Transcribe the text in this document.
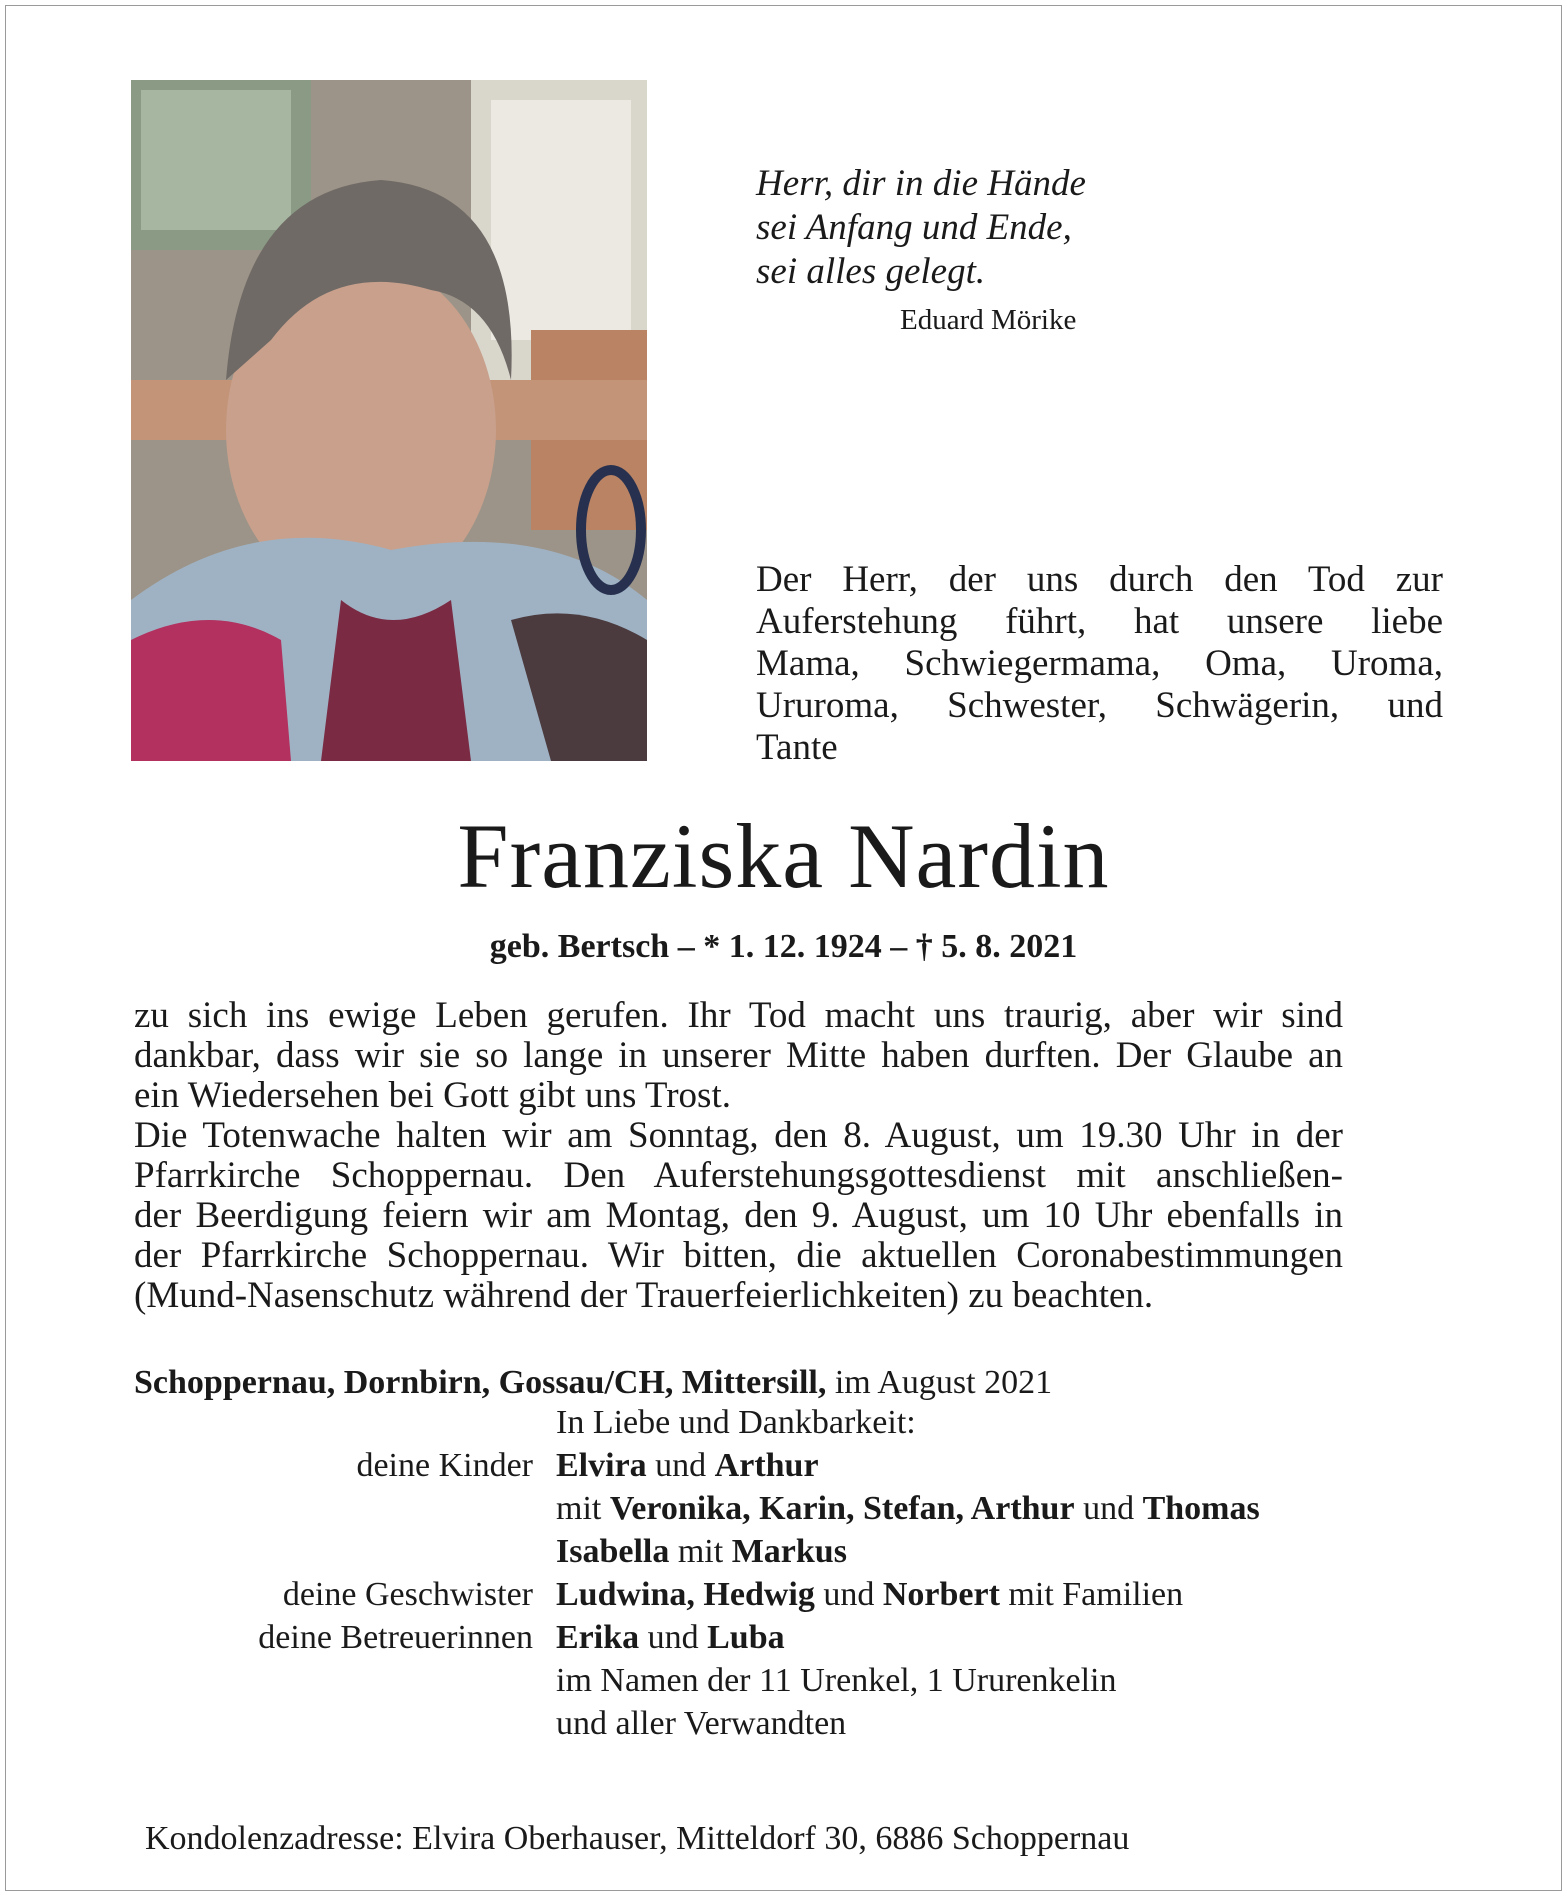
Herr, dir in die Hände
sei Anfang und Ende,
sei alles gelegt.
Eduard Mörike
Der Herr, der uns durch den Tod zur
Auferstehung führt, hat unsere liebe
Mama, Schwiegermama, Oma, Uroma,
Ururoma, Schwester, Schwägerin, und
Tante
Franziska Nardin
geb. Bertsch – * 1. 12. 1924 – † 5. 8. 2021
zu sich ins ewige Leben gerufen. Ihr Tod macht uns traurig, aber wir sind
dankbar, dass wir sie so lange in unserer Mitte haben durften. Der Glaube an
ein Wiedersehen bei Gott gibt uns Trost.
Die Totenwache halten wir am Sonntag, den 8. August, um 19.30 Uhr in der
Pfarrkirche Schoppernau. Den Auferstehungsgottesdienst mit anschließen-
der Beerdigung feiern wir am Montag, den 9. August, um 10 Uhr ebenfalls in
der Pfarrkirche Schoppernau. Wir bitten, die aktuellen Coronabestimmungen
(Mund-Nasenschutz während der Trauerfeierlichkeiten) zu beachten.
Schoppernau, Dornbirn, Gossau/CH, Mittersill, im August 2021
In Liebe und Dankbarkeit:
deine Kinder Elvira und Arthur
mit Veronika, Karin, Stefan, Arthur und Thomas
Isabella mit Markus
deine Geschwister Ludwina, Hedwig und Norbert mit Familien
deine Betreuerinnen Erika und Luba
im Namen der 11 Urenkel, 1 Ururenkelin
und aller Verwandten
Kondolenzadresse: Elvira Oberhauser, Mitteldorf 30, 6886 Schoppernau
